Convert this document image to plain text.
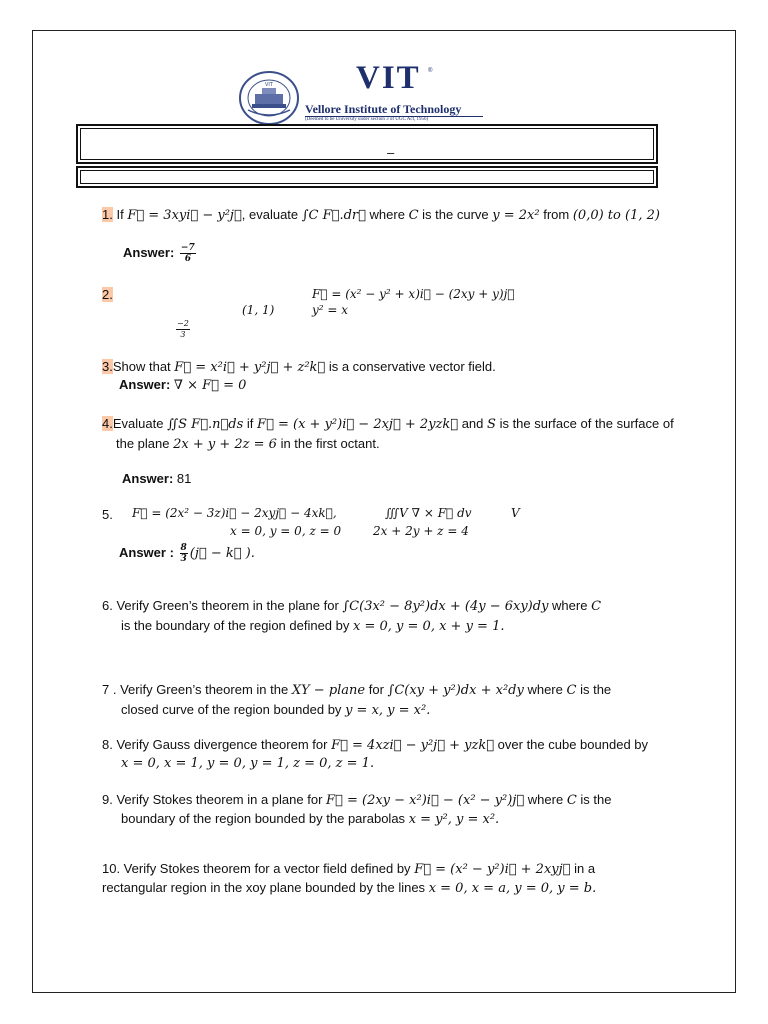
VIT	VIT ®
Vellore Institute of Technology
(Deemed to be University under section 3 of UGC Act, 1956)
–
1. If F⃗ = 3xyi⃗ − y²j⃗, evaluate ∫C F⃗.dr⃗ where C is the curve y = 2x² from (0,0) to (1, 2)
Answer: $\frac{-7}{6}$
2.	F⃗ = (x² − y² + x)i⃗ − (2xy + y)j⃗
(1, 1)	y² = x
$\frac{-2}{3}$
3.Show that F⃗ = x²i⃗ + y²j⃗ + z²k⃗ is a conservative vector field.
Answer: ∇ × F⃗ = 0
4.Evaluate ∬S F⃗.n⃗ds if F⃗ = (x + y²)i⃗ − 2xj⃗ + 2yzk⃗ and S is the surface of the surface of
the plane 2x + y + 2z = 6 in the first octant.
Answer: 81
5. F⃗ = (2x² − 3z)i⃗ − 2xyj⃗ − 4xk⃗,	∭V ∇ × F⃗ dv	V
x = 0, y = 0, z = 0	2x + 2y + z = 4
Answer : $\frac{8}{3}$ (j⃗ − k⃗ ).
6. Verify Green’s theorem in the plane for ∫C(3x² − 8y²)dx + (4y − 6xy)dy where C
is the boundary of the region defined by x = 0, y = 0, x + y = 1.
7 . Verify Green’s theorem in the XY − plane for ∫C(xy + y²)dx + x²dy where C is the
closed curve of the region bounded by y = x, y = x².
8. Verify Gauss divergence theorem for F⃗ = 4xzi⃗ − y²j⃗ + yzk⃗ over the cube bounded by
x = 0, x = 1, y = 0, y = 1, z = 0, z = 1.
9. Verify Stokes theorem in a plane for F⃗ = (2xy − x²)i⃗ − (x² − y²)j⃗ where C is the
boundary of the region bounded by the parabolas x = y², y = x².
10. Verify Stokes theorem for a vector field defined by F⃗ = (x² − y²)i⃗ + 2xyj⃗ in a
rectangular region in the xoy plane bounded by the lines x = 0, x = a, y = 0, y = b.
